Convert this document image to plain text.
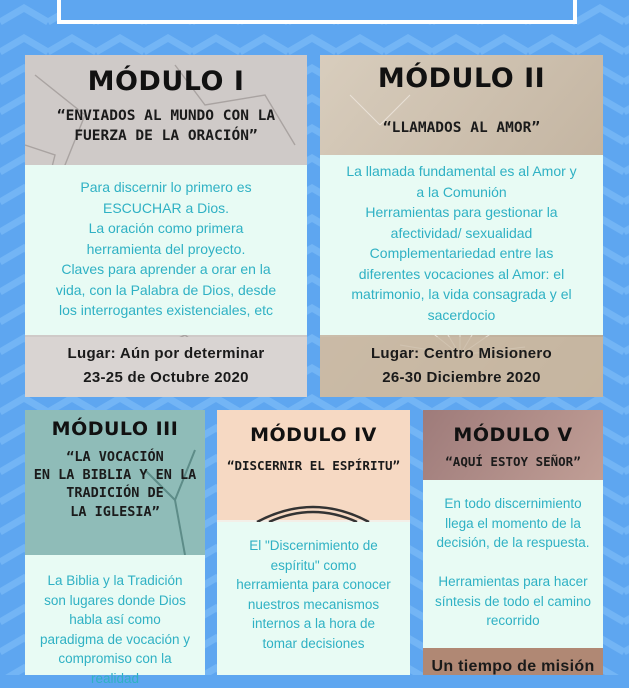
MÓDULO I

“ENVIADOS AL MUNDO CON LA
FUERZA DE LA ORACIÓN”

Para discernir lo primero es
ESCUCHAR a Dios.
La oración como primera
herramienta del proyecto.
Claves para aprender a orar en la
vida, con la Palabra de Dios, desde
los interrogantes existenciales, etc
Lugar: Aún por determinar
23-25 de Octubre 2020
MÓDULO II

“LLAMADOS AL AMOR”

La llamada fundamental es al Amor y
a la Comunión
Herramientas para gestionar la
afectividad/ sexualidad
Complementariedad entre las
diferentes vocaciones al Amor: el
matrimonio, la vida consagrada y el
sacerdocio
Lugar: Centro Misionero
26-30 Diciembre 2020
MÓDULO III

“LA VOCACIÓN
EN LA BIBLIA Y EN LA
TRADICIÓN DE
LA IGLESIA”

La Biblia y la Tradición
son lugares donde Dios
habla así como
paradigma de vocación y
compromiso con la
realidad
MÓDULO IV

“DISCERNIR EL ESPÍRITU”

El "Discernimiento de
espíritu" como
herramienta para conocer
nuestros mecanismos
internos a la hora de
tomar decisiones
MÓDULO V

“AQUÍ ESTOY SEÑOR”

En todo discernimiento
llega el momento de la
decisión, de la respuesta.

Herramientas para hacer
síntesis de todo el camino
recorrido
Un tiempo de misión
